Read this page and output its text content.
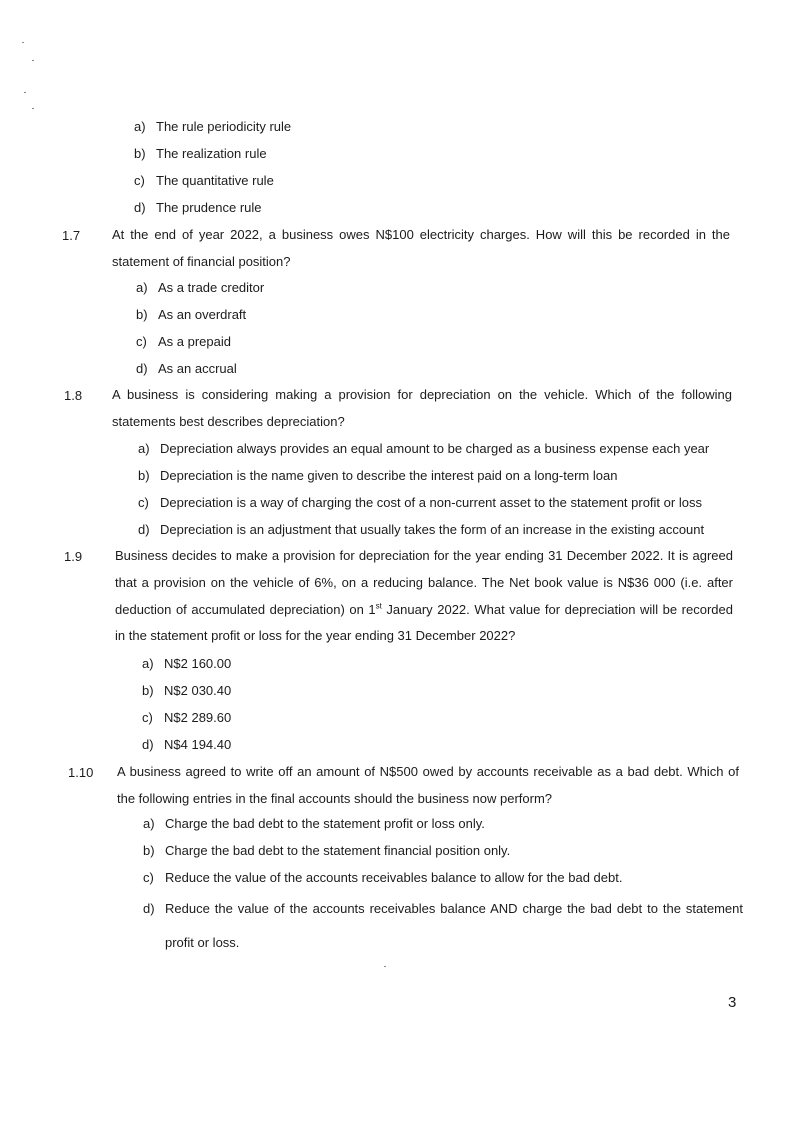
a) The rule periodicity rule
b) The realization rule
c) The quantitative rule
d) The prudence rule
1.7 At the end of year 2022, a business owes N$100 electricity charges. How will this be recorded in the statement of financial position?
a) As a trade creditor
b) As an overdraft
c) As a prepaid
d) As an accrual
1.8 A business is considering making a provision for depreciation on the vehicle. Which of the following statements best describes depreciation?
a) Depreciation always provides an equal amount to be charged as a business expense each year
b) Depreciation is the name given to describe the interest paid on a long-term loan
c) Depreciation is a way of charging the cost of a non-current asset to the statement profit or loss
d) Depreciation is an adjustment that usually takes the form of an increase in the existing account
1.9	Business decides to make a provision for depreciation for the year ending 31 December 2022. It is agreed that a provision on the vehicle of 6%, on a reducing balance. The Net book value is N$36 000 (i.e. after deduction of accumulated depreciation) on 1st January 2022. What value for depreciation will be recorded in the statement profit or loss for the year ending 31 December 2022?
a) N$2 160.00
b) N$2 030.40
c) N$2 289.60
d) N$4 194.40
1.10 A business agreed to write off an amount of N$500 owed by accounts receivable as a bad debt. Which of the following entries in the final accounts should the business now perform?
a) Charge the bad debt to the statement profit or loss only.
b) Charge the bad debt to the statement financial position only.
c) Reduce the value of the accounts receivables balance to allow for the bad debt.
d) Reduce the value of the accounts receivables balance AND charge the bad debt to the statement profit or loss.
3
